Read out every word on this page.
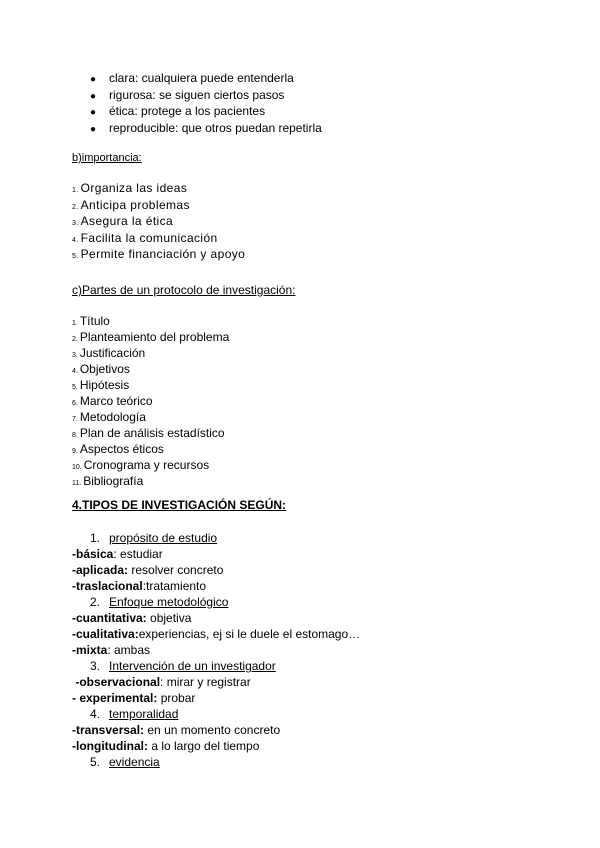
● clara: cualquiera puede entenderla
● rigurosa: se siguen ciertos pasos
● ética: protege a los pacientes
● reproducible: que otros puedan repetirla
b)importancia:
1. Organiza las ideas
2. Anticipa problemas
3. Asegura la ética
4. Facilita la comunicación
5. Permite financiación y apoyo
c)Partes de un protocolo de investigación:
1. Título
2. Planteamiento del problema
3. Justificación
4. Objetivos
5. Hipótesis
6. Marco teórico
7. Metodología
8. Plan de análisis estadístico
9. Aspectos éticos
10. Cronograma y recursos
11. Bibliografía
4.TIPOS DE INVESTIGACIÓN SEGÚN:
1. propósito de estudio
-básica: estudiar
-aplicada: resolver concreto
-traslacional:tratamiento
2. Enfoque metodológico
-cuantitativa: objetiva
-cualitativa:experiencias, ej si le duele el estomago…
-mixta: ambas
3. Intervención de un investigador
-observacional: mirar y registrar
- experimental: probar
4. temporalidad
-transversal: en un momento concreto
-longitudinal: a lo largo del tiempo
5. evidencia
